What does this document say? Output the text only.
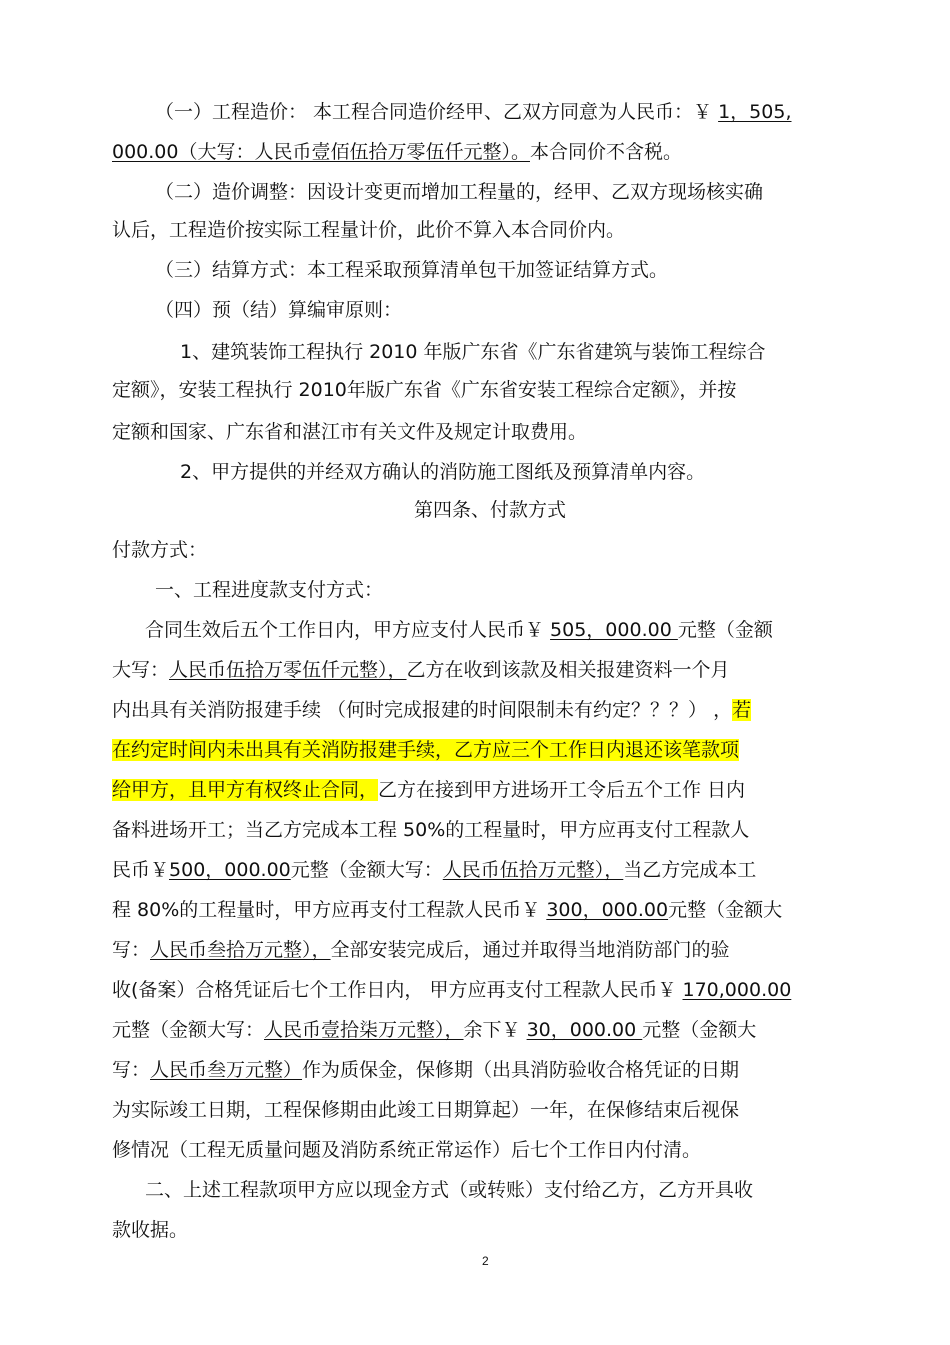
（一）工程造价： 本工程合同造价经甲、乙双方同意为人民币：￥ 1，505,
000.00（大写：人民币壹佰伍拾万零伍仟元整）。本合同价不含税。
（二）造价调整：因设计变更而增加工程量的，经甲、乙双方现场核实确
认后，工程造价按实际工程量计价，此价不算入本合同价内。
（三）结算方式：本工程采取预算清单包干加签证结算方式。
（四）预（结）算编审原则：
1、建筑装饰工程执行 2010 年版广东省《广东省建筑与装饰工程综合
定额》，安装工程执行 2010年版广东省《广东省安装工程综合定额》，并按
定额和国家、广东省和湛江市有关文件及规定计取费用。
2、甲方提供的并经双方确认的消防施工图纸及预算清单内容。
第四条、付款方式
付款方式：
一、工程进度款支付方式：
合同生效后五个工作日内，甲方应支付人民币￥ 505，000.00 元整（金额
大写：人民币伍拾万零伍仟元整），乙方在收到该款及相关报建资料一个月
内出具有关消防报建手续 （何时完成报建的时间限制未有约定？？？） ，若
在约定时间内未出具有关消防报建手续，乙方应三个工作日内退还该笔款项
给甲方，且甲方有权终止合同，乙方在接到甲方进场开工令后五个工作 日内
备料进场开工；当乙方完成本工程 50%的工程量时，甲方应再支付工程款人
民币￥500，000.00元整（金额大写：人民币伍拾万元整），当乙方完成本工
程 80%的工程量时，甲方应再支付工程款人民币￥ 300，000.00元整（金额大
写：人民币叁拾万元整），全部安装完成后，通过并取得当地消防部门的验
收(备案）合格凭证后七个工作日内， 甲方应再支付工程款人民币￥ 170,000.00
元整（金额大写：人民币壹拾柒万元整），余下￥ 30，000.00 元整（金额大
写：人民币叁万元整）作为质保金，保修期（出具消防验收合格凭证的日期
为实际竣工日期，工程保修期由此竣工日期算起）一年，在保修结束后视保
修情况（工程无质量问题及消防系统正常运作）后七个工作日内付清。
二、上述工程款项甲方应以现金方式（或转账）支付给乙方，乙方开具收
款收据。
2
